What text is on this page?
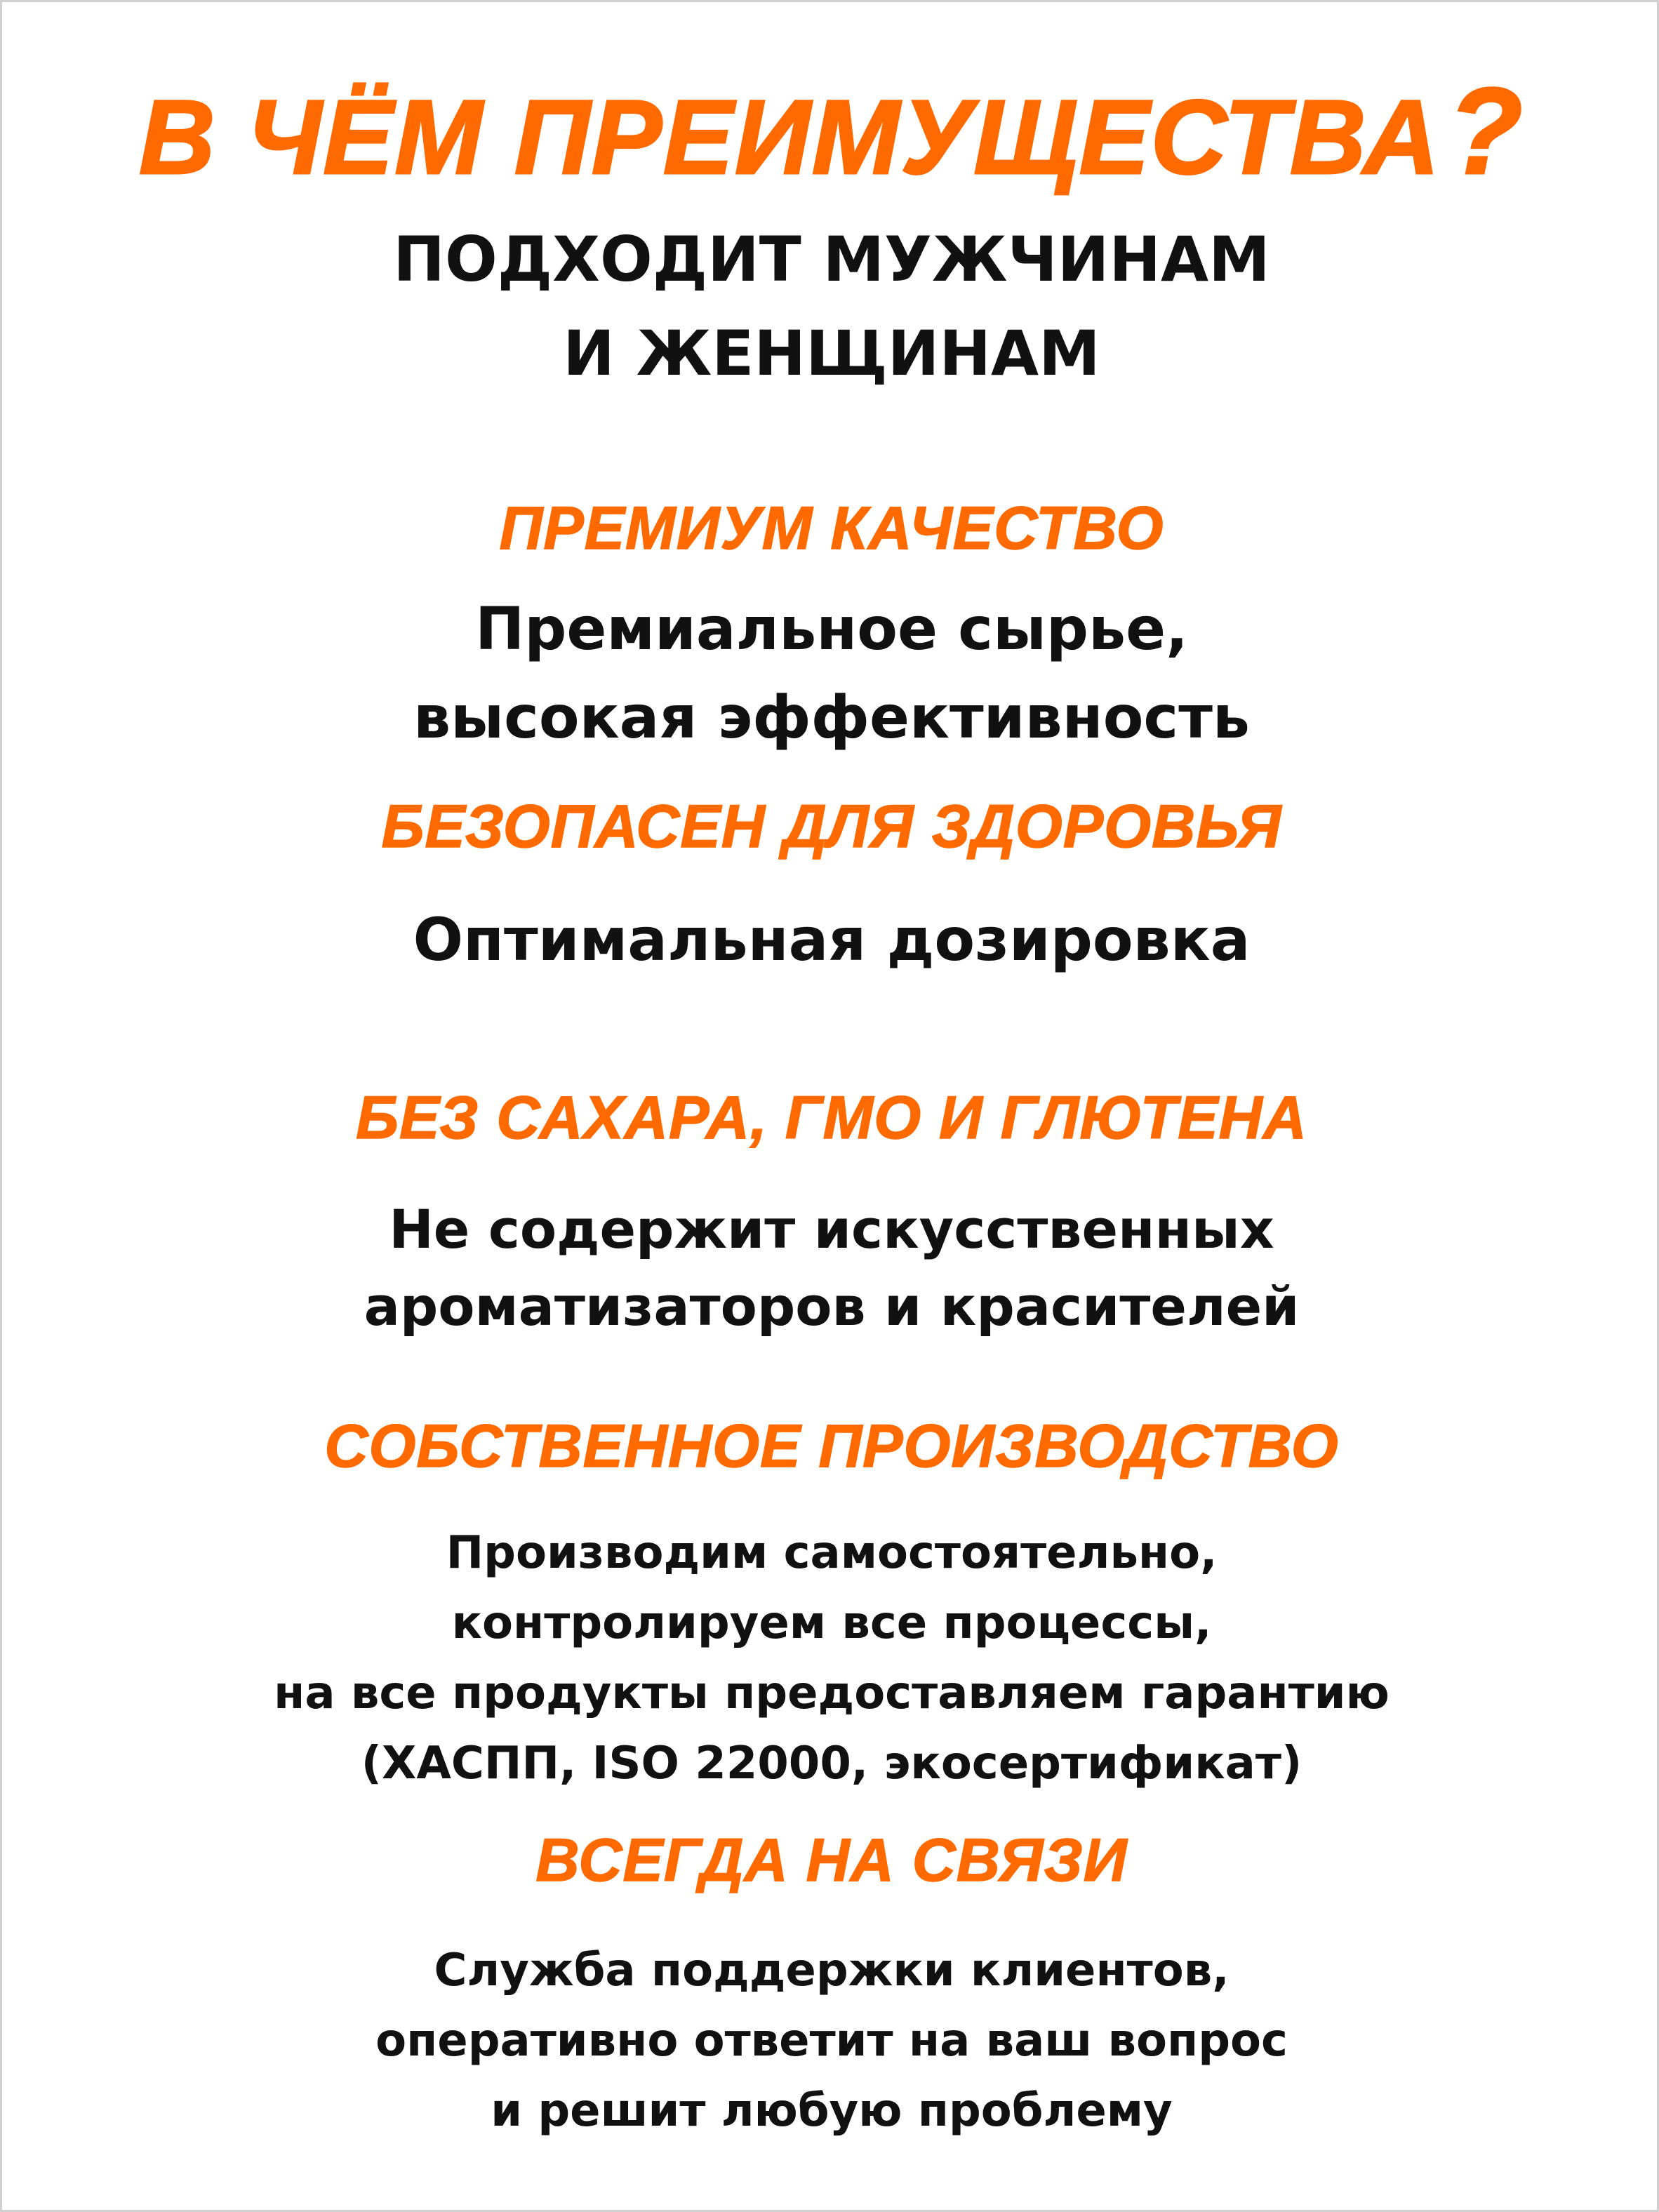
В ЧЁМ ПРЕИМУЩЕСТВА?
ПОДХОДИТ МУЖЧИНАМ
И ЖЕНЩИНАМ
ПРЕМИУМ КАЧЕСТВО
Премиальное сырье,
высокая эффективность
БЕЗОПАСЕН ДЛЯ ЗДОРОВЬЯ
Оптимальная дозировка
БЕЗ САХАРА, ГМО И ГЛЮТЕНА
Не содержит искусственных
ароматизаторов и красителей
СОБСТВЕННОЕ ПРОИЗВОДСТВО
Производим самостоятельно,
контролируем все процессы,
на все продукты предоставляем гарантию
(ХАСПП, ISO 22000, экосертификат)
ВСЕГДА НА СВЯЗИ
Служба поддержки клиентов,
оперативно ответит на ваш вопрос
и решит любую проблему
